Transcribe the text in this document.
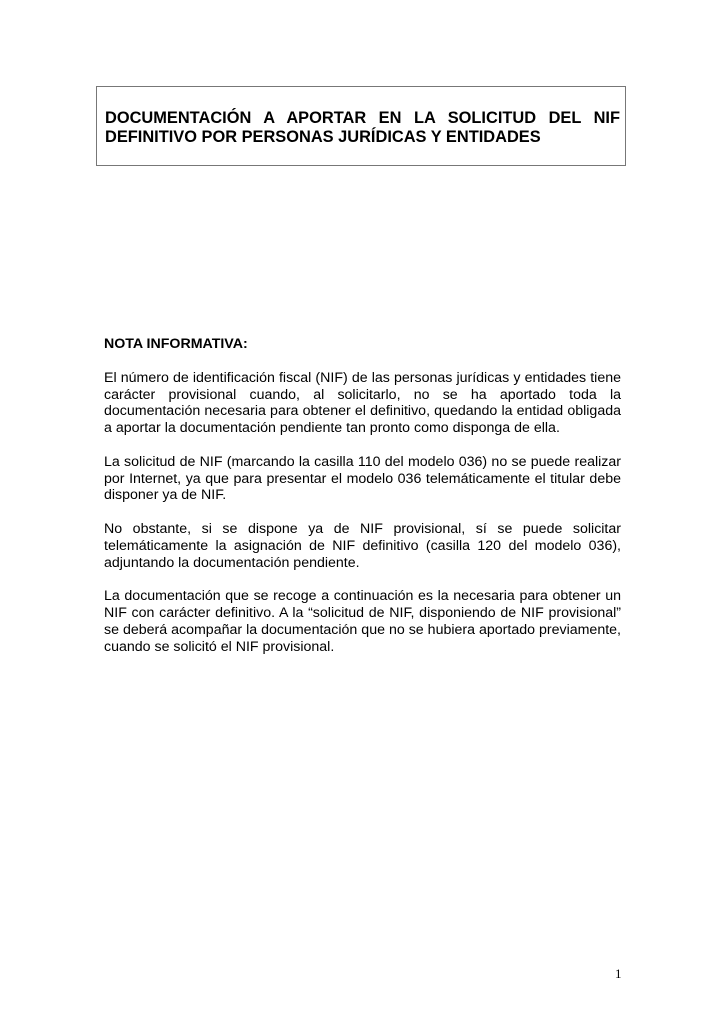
DOCUMENTACIÓN A APORTAR EN LA SOLICITUD DEL NIF DEFINITIVO POR PERSONAS JURÍDICAS Y ENTIDADES
NOTA INFORMATIVA:

El número de identificación fiscal (NIF) de las personas jurídicas y entidades tiene carácter provisional cuando, al solicitarlo, no se ha aportado toda la documentación necesaria para obtener el definitivo, quedando la entidad obligada a aportar la documentación pendiente tan pronto como disponga de ella.

La solicitud de NIF (marcando la casilla 110 del modelo 036) no se puede realizar por Internet, ya que para presentar el modelo 036 telemáticamente el titular debe disponer ya de NIF.

No obstante, si se dispone ya de NIF provisional, sí se puede solicitar telemáticamente la asignación de NIF definitivo (casilla 120 del modelo 036), adjuntando la documentación pendiente.

La documentación que se recoge a continuación es la necesaria para obtener un NIF con carácter definitivo. A la “solicitud de NIF, disponiendo de NIF provisional” se deberá acompañar la documentación que no se hubiera aportado previamente, cuando se solicitó el NIF provisional.

1
